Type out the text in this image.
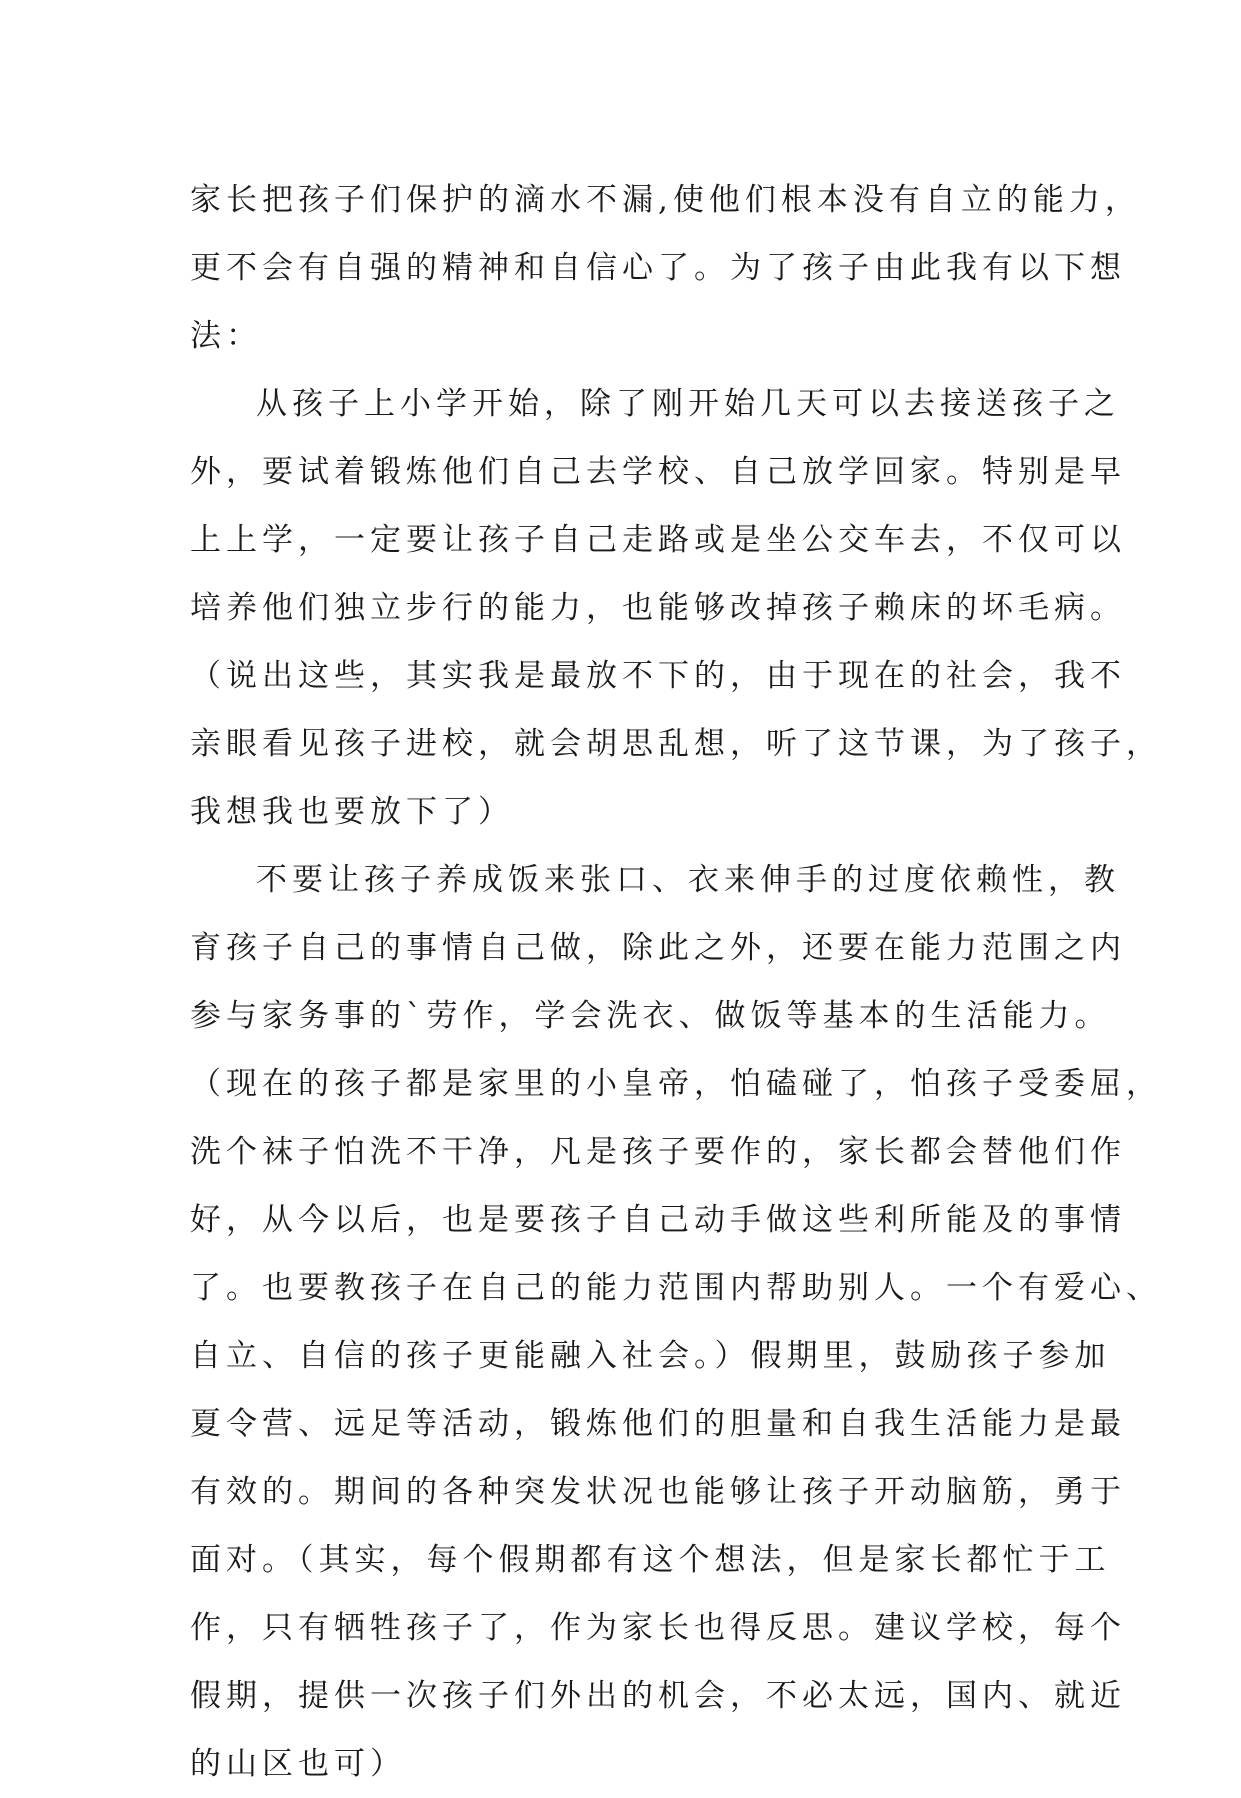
家长把孩子们保护的滴水不漏,使他们根本没有自立的能力，
更不会有自强的精神和自信心了。为了孩子由此我有以下想
法：
从孩子上小学开始，除了刚开始几天可以去接送孩子之
外，要试着锻炼他们自己去学校、自己放学回家。特别是早
上上学，一定要让孩子自己走路或是坐公交车去，不仅可以
培养他们独立步行的能力，也能够改掉孩子赖床的坏毛病。
（说出这些，其实我是最放不下的，由于现在的社会，我不
亲眼看见孩子进校，就会胡思乱想，听了这节课，为了孩子，
我想我也要放下了）
不要让孩子养成饭来张口、衣来伸手的过度依赖性，教
育孩子自己的事情自己做，除此之外，还要在能力范围之内
参与家务事的`劳作，学会洗衣、做饭等基本的生活能力。
（现在的孩子都是家里的小皇帝，怕磕碰了，怕孩子受委屈，
洗个袜子怕洗不干净，凡是孩子要作的，家长都会替他们作
好，从今以后，也是要孩子自己动手做这些利所能及的事情
了。也要教孩子在自己的能力范围内帮助别人。一个有爱心、
自立、自信的孩子更能融入社会。）假期里，鼓励孩子参加
夏令营、远足等活动，锻炼他们的胆量和自我生活能力是最
有效的。期间的各种突发状况也能够让孩子开动脑筋，勇于
面对。（其实，每个假期都有这个想法，但是家长都忙于工
作，只有牺牲孩子了，作为家长也得反思。建议学校，每个
假期，提供一次孩子们外出的机会，不必太远，国内、就近
的山区也可）
